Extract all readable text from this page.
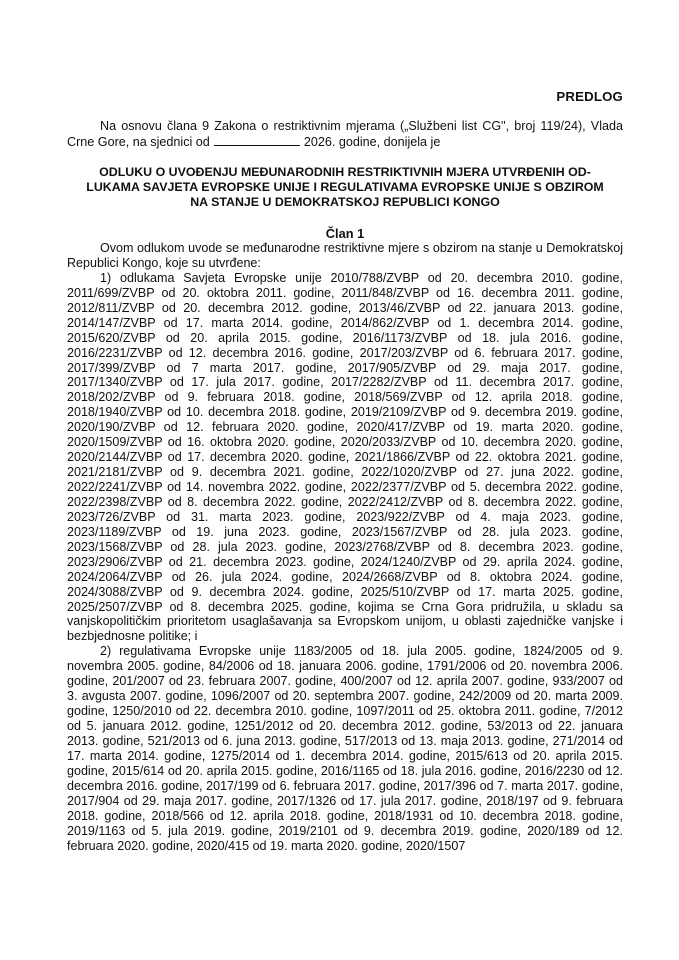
PREDLOG

Na osnovu člana 9 Zakona o restriktivnim mjerama („Službeni list CG", broj 119/24), Vlada Crne Gore, na sjednici od	2026. godine, donijela je

ODLUKU O UVOĐENJU MEĐUNARODNIH RESTRIKTIVNIH MJERA UTVRĐENIH OD-
LUKAMA SAVJETA EVROPSKE UNIJE I REGULATIVAMA EVROPSKE UNIJE S OBZIROM
NA STANJE U DEMOKRATSKOJ REPUBLICI KONGO
Član 1

Ovom odlukom uvode se međunarodne restriktivne mjere s obzirom na stanje u Demokratskoj Republici Kongo, koje su utvrđene:

1) odlukama Savjeta Evropske unije 2010/788/ZVBP od 20. decembra 2010. godine, 2011/699/ZVBP od 20. oktobra 2011. godine, 2011/848/ZVBP od 16. decembra 2011. godine, 2012/811/ZVBP od 20. decembra 2012. godine, 2013/46/ZVBP od 22. januara 2013. godine, 2014/147/ZVBP od 17. marta 2014. godine, 2014/862/ZVBP od 1. decembra 2014. godine, 2015/620/ZVBP od 20. aprila 2015. godine, 2016/1173/ZVBP od 18. jula 2016. godine, 2016/2231/ZVBP od 12. decembra 2016. godine, 2017/203/ZVBP od 6. februara 2017. godine, 2017/399/ZVBP od 7 marta 2017. godine, 2017/905/ZVBP od 29. maja 2017. godine, 2017/1340/ZVBP od 17. jula 2017. godine, 2017/2282/ZVBP od 11. decembra 2017. godine, 2018/202/ZVBP od 9. februara 2018. godine, 2018/569/ZVBP od 12. aprila 2018. godine, 2018/1940/ZVBP od 10. decembra 2018. godine, 2019/2109/ZVBP od 9. decembra 2019. godine, 2020/190/ZVBP od 12. februara 2020. godine, 2020/417/ZVBP od 19. marta 2020. godine, 2020/1509/ZVBP od 16. oktobra 2020. godine, 2020/2033/ZVBP od 10. decembra 2020. godine, 2020/2144/ZVBP od 17. decembra 2020. godine, 2021/1866/ZVBP od 22. oktobra 2021. godine, 2021/2181/ZVBP od 9. decembra 2021. godine, 2022/1020/ZVBP od 27. juna 2022. godine, 2022/2241/ZVBP od 14. novembra 2022. godine, 2022/2377/ZVBP od 5. decembra 2022. godine, 2022/2398/ZVBP od 8. decembra 2022. godine, 2022/2412/ZVBP od 8. decembra 2022. godine, 2023/726/ZVBP od 31. marta 2023. godine, 2023/922/ZVBP od 4. maja 2023. godine, 2023/1189/ZVBP od 19. juna 2023. godine, 2023/1567/ZVBP od 28. jula 2023. godine, 2023/1568/ZVBP od 28. jula 2023. godine, 2023/2768/ZVBP od 8. decembra 2023. godine, 2023/2906/ZVBP od 21. decembra 2023. godine, 2024/1240/ZVBP od 29. aprila 2024. godine, 2024/2064/ZVBP od 26. jula 2024. godine, 2024/2668/ZVBP od 8. oktobra 2024. godine, 2024/3088/ZVBP od 9. decembra 2024. godine, 2025/510/ZVBP od 17. marta 2025. godine, 2025/2507/ZVBP od 8. decembra 2025. godine, kojima se Crna Gora pridružila, u skladu sa vanjskopolitičkim prioritetom usaglašavanja sa Evropskom unijom, u oblasti zajedničke vanjske i bezbjednosne politike; i

2) regulativama Evropske unije 1183/2005 od 18. jula 2005. godine, 1824/2005 od 9. novembra 2005. godine, 84/2006 od 18. januara 2006. godine, 1791/2006 od 20. novembra 2006. godine, 201/2007 od 23. februara 2007. godine, 400/2007 od 12. aprila 2007. godine, 933/2007 od 3. avgusta 2007. godine, 1096/2007 od 20. septembra 2007. godine, 242/2009 od 20. marta 2009. godine, 1250/2010 od 22. decembra 2010. godine, 1097/2011 od 25. oktobra 2011. godine, 7/2012 od 5. januara 2012. godine, 1251/2012 od 20. decembra 2012. godine, 53/2013 od 22. januara 2013. godine, 521/2013 od 6. juna 2013. godine, 517/2013 od 13. maja 2013. godine, 271/2014 od 17. marta 2014. godine, 1275/2014 od 1. decembra 2014. godine, 2015/613 od 20. aprila 2015. godine, 2015/614 od 20. aprila 2015. godine, 2016/1165 od 18. jula 2016. godine, 2016/2230 od 12. decembra 2016. godine, 2017/199 od 6. februara 2017. godine, 2017/396 od 7. marta 2017. godine, 2017/904 od 29. maja 2017. godine, 2017/1326 od 17. jula 2017. godine, 2018/197 od 9. februara 2018. godine, 2018/566 od 12. aprila 2018. godine, 2018/1931 od 10. decembra 2018. godine, 2019/1163 od 5. jula 2019. godine, 2019/2101 od 9. decembra 2019. godine, 2020/189 od 12. februara 2020. godine, 2020/415 od 19. marta 2020. godine, 2020/1507
